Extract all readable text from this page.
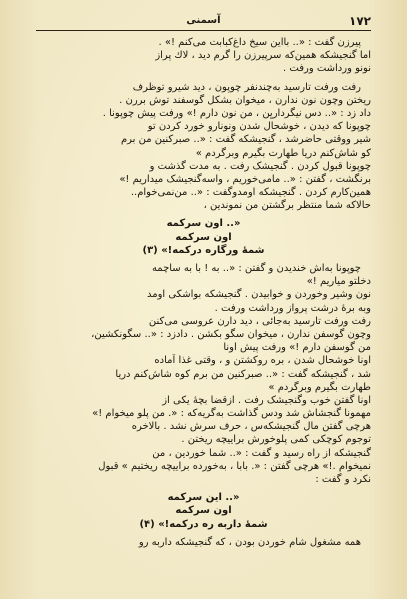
۱۷۲
آسمنی
پیرزن گفت : «.. بااین سیخ داغ‌کبابت می‌کنم !» .
اما گنجیشکه همین‌که سرپیرزن را گرم دید ، لاك پراز
نونو ورداشت ورفت .
رفت ورفت تارسید به‌چندنفر چوپون ، دید شیرو توظرف
ریختن وچون نون ندارن ، میخوان بشکل گوسفند توش بررن .
داد زد : «.. دس نیگرداریِن ، من نون دارم !» ورفت پیش چوپونا .
چوپونا که دیدن ، خوشحال شدن ونونارو خورد کردن تو
شیر ووقتی حاضرشد ، گنجیشکه گفت : «.. صبرکنین من برم
کو شاش‌کنم دریا طهارت بگیرم وبرگردم »
چوپونا قبول کردن . گنجیشک رفت . به مدت گذشت و
برنگشت ، گفتن : «.. مامی‌خوریم ، واسه‌گنجیشک میداریم !»
همین‌کارم کردن . گنجیشکه اومدوگفت : «.. من‌نمی‌خوام..
حالاکه شما منتظر برگشتن من نموندین ،
«.. اون سرکمه
اون سرکمه
شمهٔ ورگاره درکمه!» (۳)
چوپونا به‌اش خندیدن و گفتن : «.. به ! با به ساچمه
دخلتو میاریم !»
نون وشیر وخوردن و خوابیدن . گنجیشکه بواشکی اومد
وبه برهٔ درشت پرواز ورداشت ورفت .
رفت ورفت تارسید به‌جائی ، دید دارن عروسی می‌کنن
وچون گوسفن ندارن ، میخوان سگو بکشن . دادزد : «.. سگونکشین،
من گوسفن دارم !» ورفت پیش اونا
اونا خوشحال شدن ، بره روکشتن و ، وقتی غذا آماده
شد ، گنجیشکه گفت : «.. صبرکنین من برم کوه شاش‌کنم دریا
طهارت بگیرم وبرگردم »
اونا گفتن خوب وگنجیشک رفت . ازقضا بچهٔ یکی از
مهمونا گنجشاش شد ودس گذاشت به‌گریه‌که : «. من پلو میخوام !»
هرچی گفتن مال گنجیشکه‌س ، حرف سرش نشد . بالاخره
توجوم کوچکی کمی پلوخورش براییچه ریختن .
گنجیشکه از راه رسید و گفت : «.. شما خوردین ، من
نمیخوام .!» هرچی گفتن : «. بابا ، به‌خورده براییچه ریختیم » قبول
نکرد و گفت :
«.. این سرکمه
اون سرکمه
شمهٔ داربه ره درکمه!» (۴)
همه مشغول شام خوردن بودن ، که گنجیشکه داربه رو
